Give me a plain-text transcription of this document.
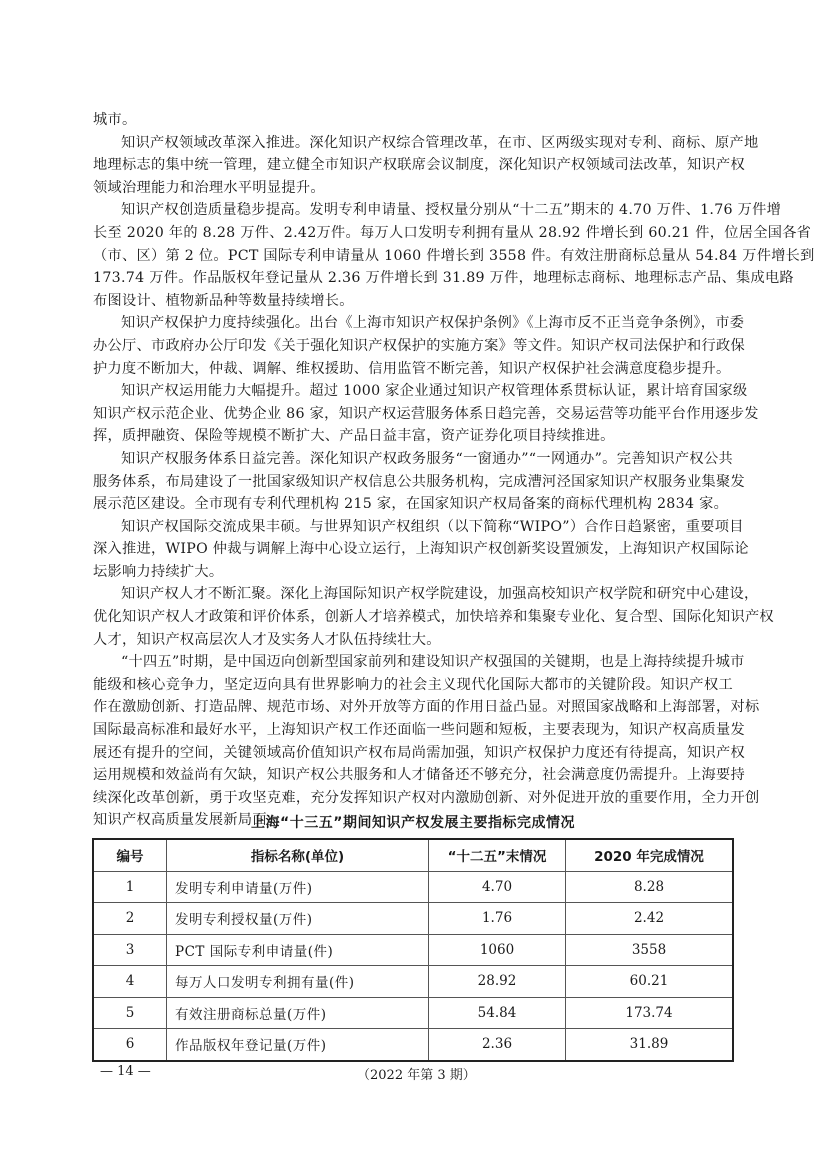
城市。
知识产权领域改革深入推进。深化知识产权综合管理改革，在市、区两级实现对专利、商标、原产地
地理标志的集中统一管理，建立健全市知识产权联席会议制度，深化知识产权领域司法改革，知识产权
领域治理能力和治理水平明显提升。
知识产权创造质量稳步提高。发明专利申请量、授权量分别从“十二五”期末的 4.70 万件、1.76 万件增
长至 2020 年的 8.28 万件、2.42万件。每万人口发明专利拥有量从 28.92 件增长到 60.21 件，位居全国各省
（市、区）第 2 位。PCT 国际专利申请量从 1060 件增长到 3558 件。有效注册商标总量从 54.84 万件增长到
173.74 万件。作品版权年登记量从 2.36 万件增长到 31.89 万件，地理标志商标、地理标志产品、集成电路
布图设计、植物新品种等数量持续增长。
知识产权保护力度持续强化。出台《上海市知识产权保护条例》《上海市反不正当竞争条例》，市委
办公厅、市政府办公厅印发《关于强化知识产权保护的实施方案》等文件。知识产权司法保护和行政保
护力度不断加大，仲裁、调解、维权援助、信用监管不断完善，知识产权保护社会满意度稳步提升。
知识产权运用能力大幅提升。超过 1000 家企业通过知识产权管理体系贯标认证，累计培育国家级
知识产权示范企业、优势企业 86 家，知识产权运营服务体系日趋完善，交易运营等功能平台作用逐步发
挥，质押融资、保险等规模不断扩大、产品日益丰富，资产证券化项目持续推进。
知识产权服务体系日益完善。深化知识产权政务服务“一窗通办”“一网通办”。完善知识产权公共
服务体系，布局建设了一批国家级知识产权信息公共服务机构，完成漕河泾国家知识产权服务业集聚发
展示范区建设。全市现有专利代理机构 215 家，在国家知识产权局备案的商标代理机构 2834 家。
知识产权国际交流成果丰硕。与世界知识产权组织（以下简称“WIPO”）合作日趋紧密，重要项目
深入推进，WIPO 仲裁与调解上海中心设立运行，上海知识产权创新奖设置颁发，上海知识产权国际论
坛影响力持续扩大。
知识产权人才不断汇聚。深化上海国际知识产权学院建设，加强高校知识产权学院和研究中心建设，
优化知识产权人才政策和评价体系，创新人才培养模式，加快培养和集聚专业化、复合型、国际化知识产权
人才，知识产权高层次人才及实务人才队伍持续壮大。
“十四五”时期，是中国迈向创新型国家前列和建设知识产权强国的关键期，也是上海持续提升城市
能级和核心竞争力，坚定迈向具有世界影响力的社会主义现代化国际大都市的关键阶段。知识产权工
作在激励创新、打造品牌、规范市场、对外开放等方面的作用日益凸显。对照国家战略和上海部署，对标
国际最高标准和最好水平，上海知识产权工作还面临一些问题和短板，主要表现为，知识产权高质量发
展还有提升的空间，关键领域高价值知识产权布局尚需加强，知识产权保护力度还有待提高，知识产权
运用规模和效益尚有欠缺，知识产权公共服务和人才储备还不够充分，社会满意度仍需提升。上海要持
续深化改革创新，勇于攻坚克难，充分发挥知识产权对内激励创新、对外促进开放的重要作用，全力开创
知识产权高质量发展新局面。
上海“十三五”期间知识产权发展主要指标完成情况
编号	指标名称(单位)	“十二五”末情况	2020 年完成情况
1	发明专利申请量(万件)	4.70	8.28
2	发明专利授权量(万件)	1.76	2.42
3	PCT 国际专利申请量(件)	1060	3558
4	每万人口发明专利拥有量(件)	28.92	60.21
5	有效注册商标总量(万件)	54.84	173.74
6	作品版权年登记量(万件)	2.36	31.89
— 14 —	（2022 年第 3 期）
